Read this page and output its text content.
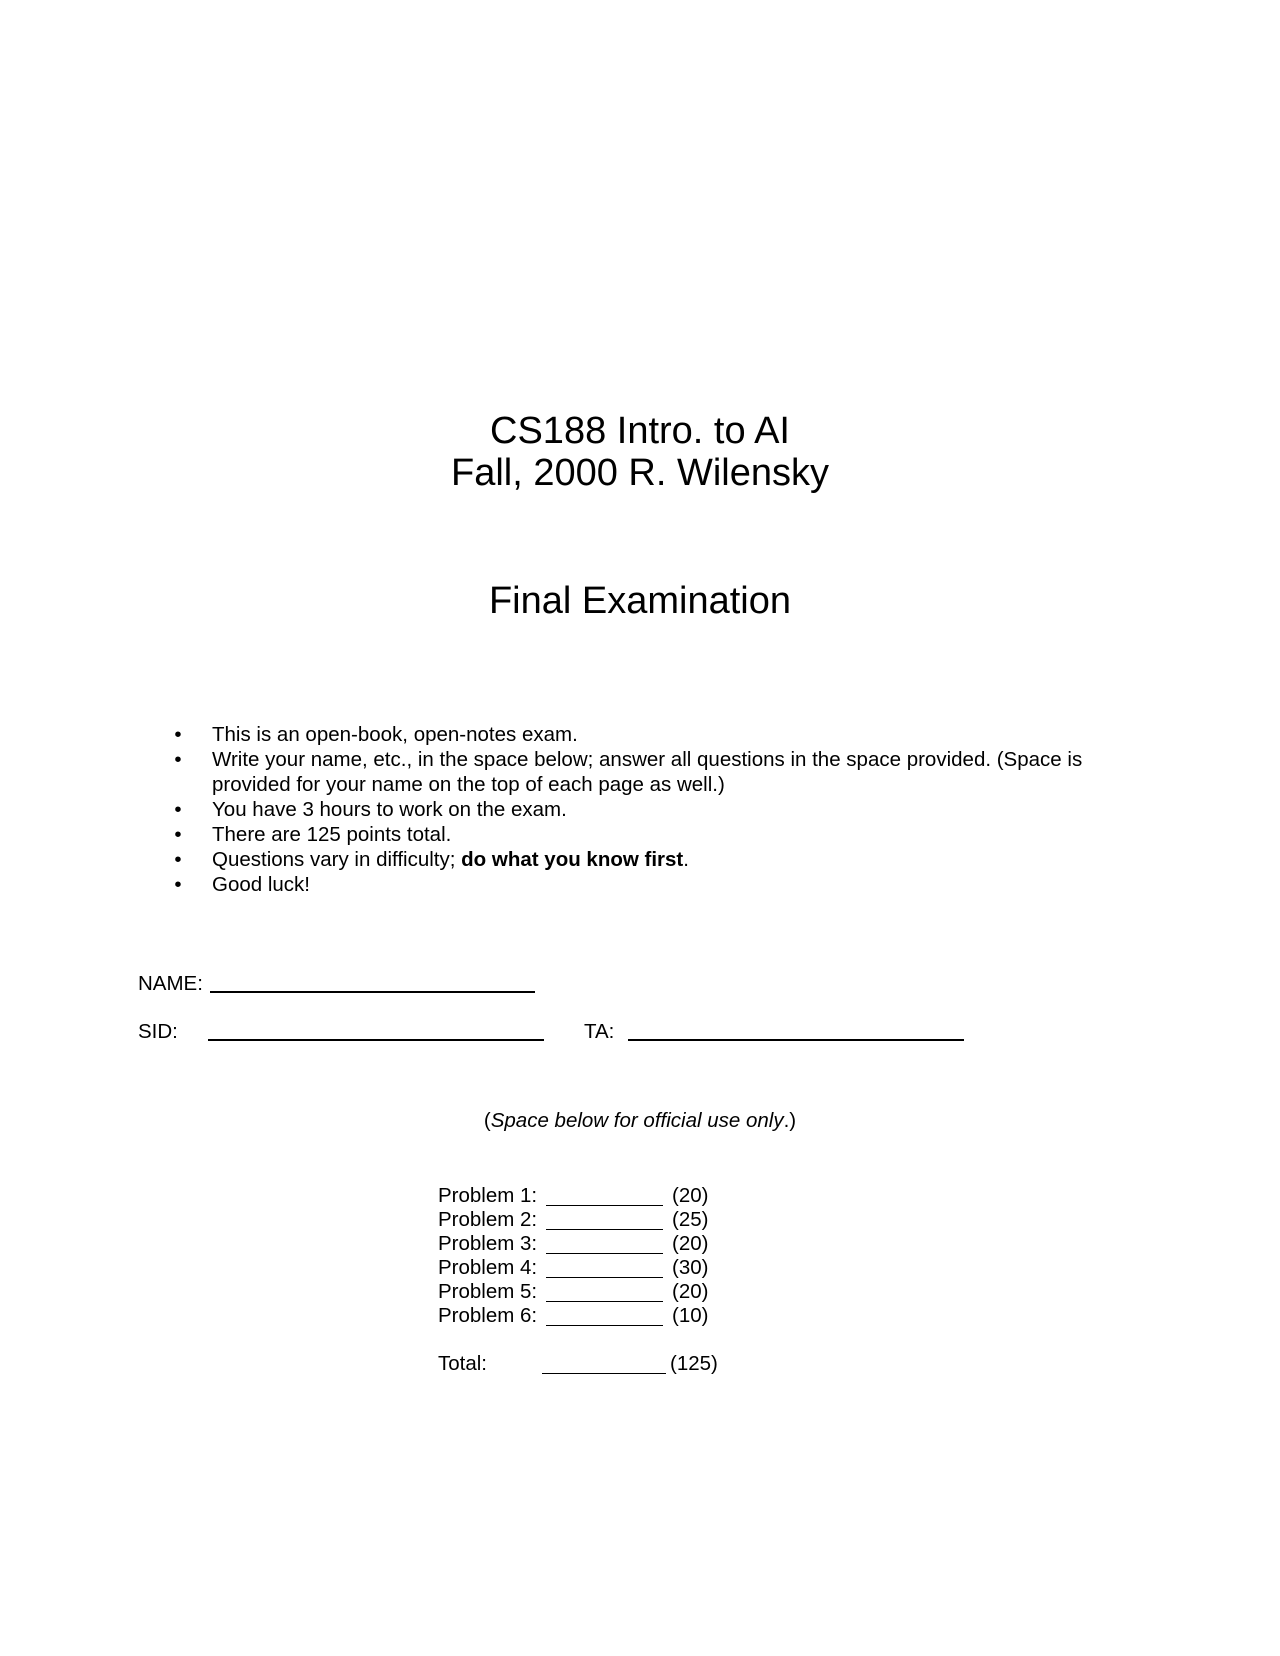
CS188 Intro. to AI
Fall, 2000 R. Wilensky
Final Examination
•	This is an open-book, open-notes exam.
•	Write your name, etc., in the space below; answer all questions in the space provided. (Space is provided for your name on the top of each page as well.)
•	You have 3 hours to work on the exam.
•	There are 125 points total.
•	Questions vary in difficulty; do what you know first.
•	Good luck!
NAME:
SID:	TA:
(Space below for official use only.)
Problem 1:	(20)
Problem 2:	(25)
Problem 3:	(20)
Problem 4:	(30)
Problem 5:	(20)
Problem 6:	(10)
Total:	(125)
